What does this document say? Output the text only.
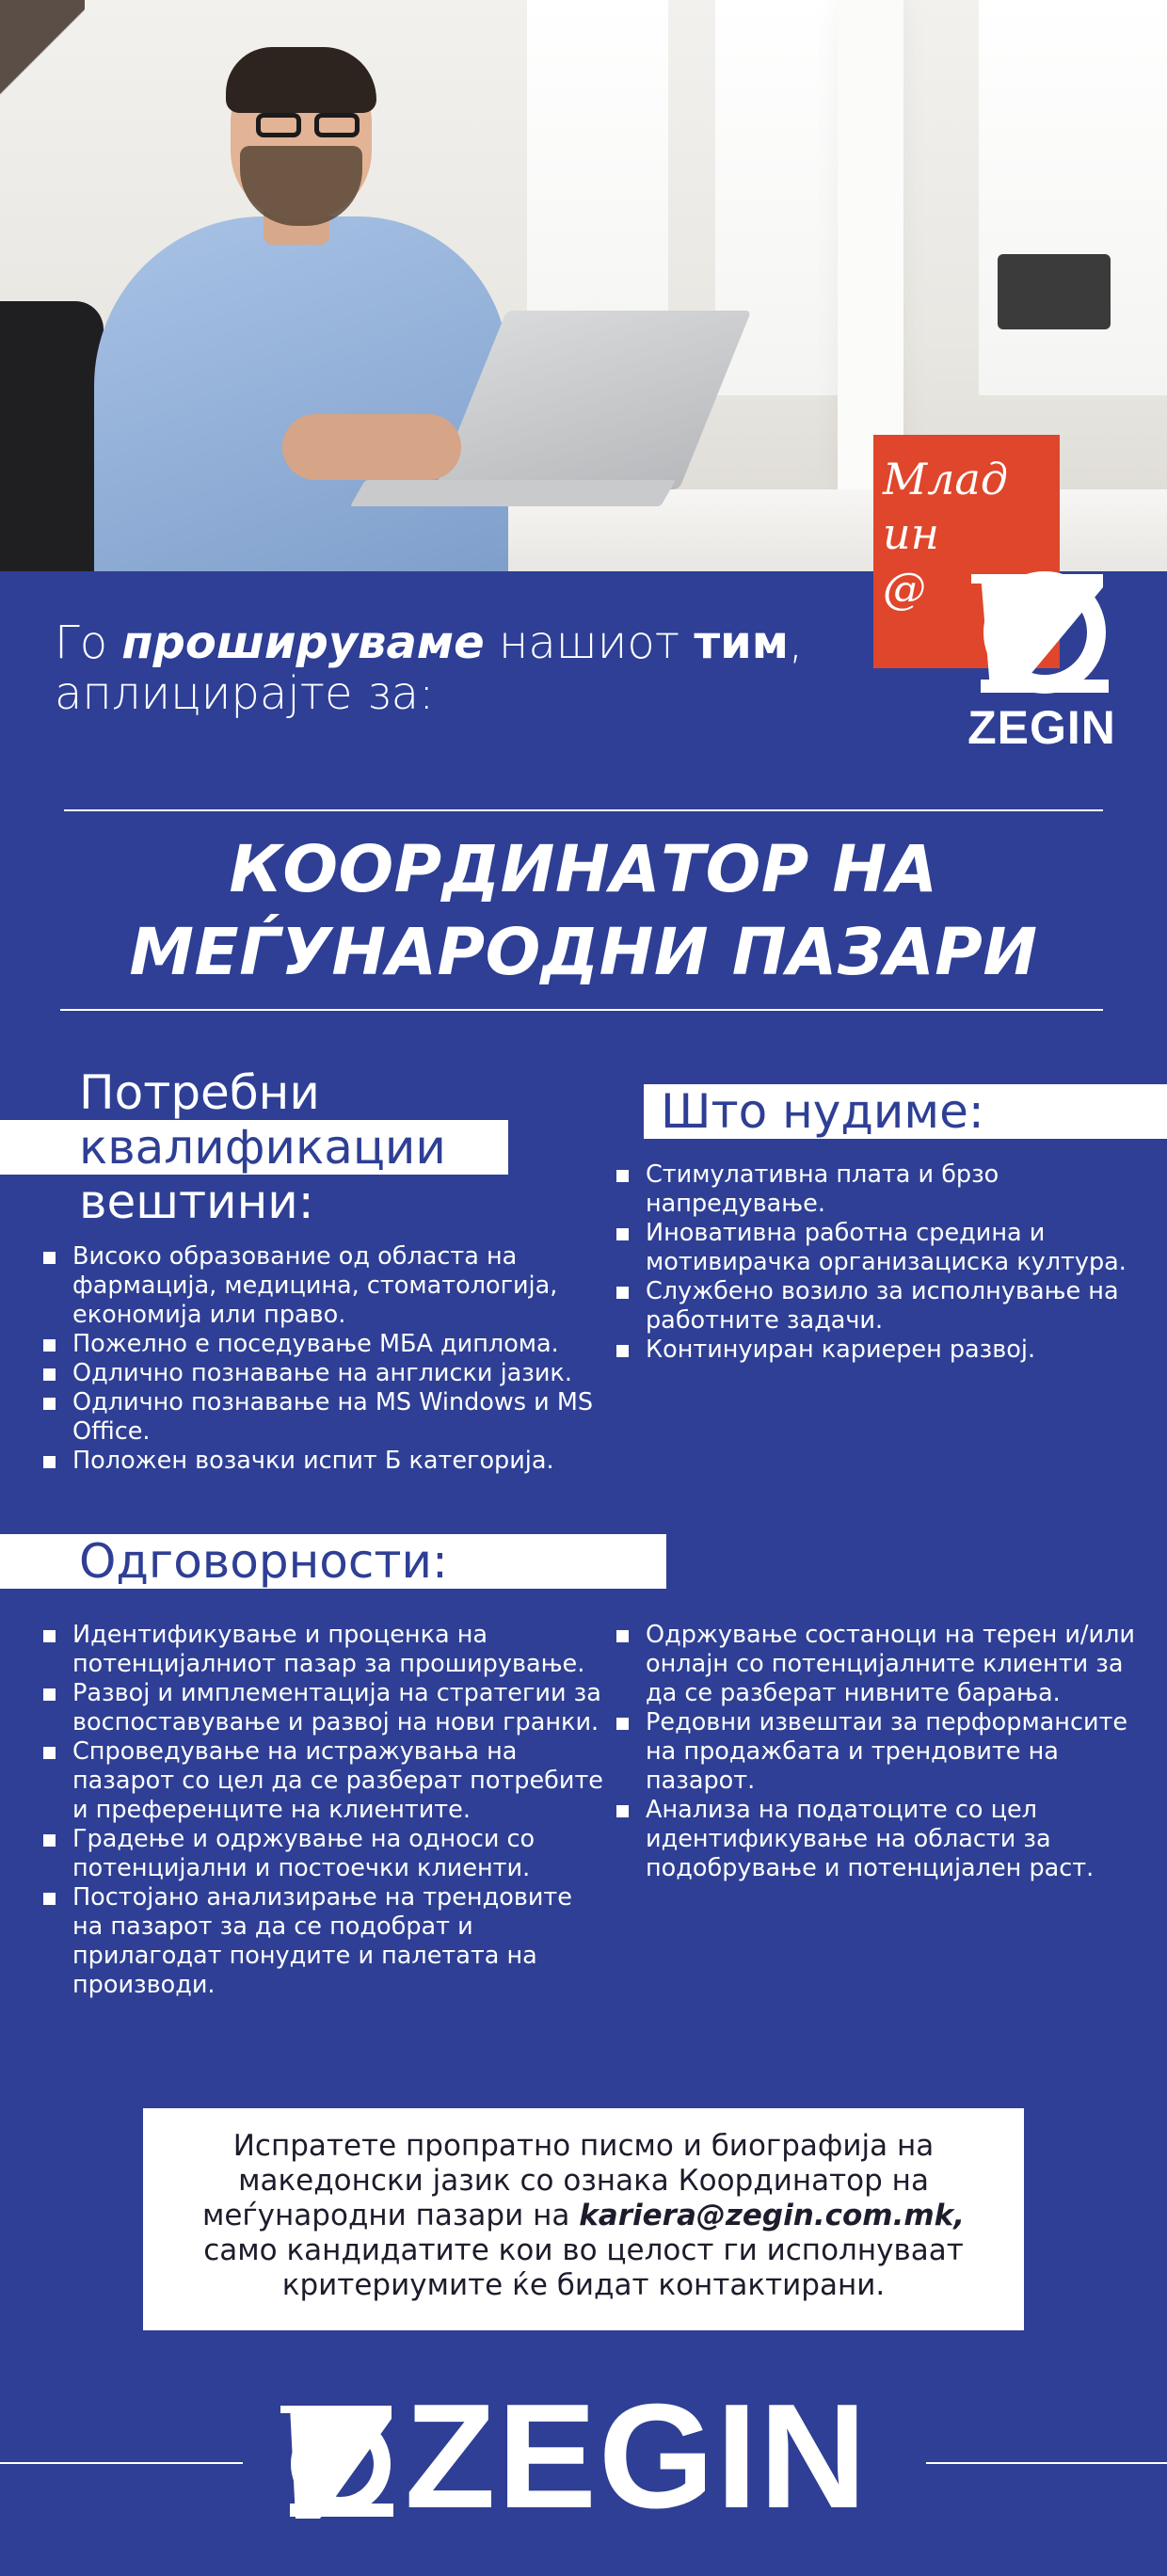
Млад
ин
@
ZEGIN
Го проширувaме нашиот тим,
аплицирајте за:
КООРДИНАТОР НА
МЕЃУНАРОДНИ ПАЗАРИ
Потребни
квалификации и
вештини:
Високо образование од областа на фармација, медицина, стоматологија, економија или право.
Пожелно е поседување МБА диплома.
Одлично познавање на англиски јазик.
Одлично познавање на MS Windows и MS Office.
Положен возачки испит Б категорија.
Што нудиме:
Стимулативна плата и брзо напредување.
Иновативна работна средина и мотивирачка организациска култура.
Службено возило за исполнување на работните задачи.
Континуиран кариерен развој.
Одговорности:
Идентификување и проценка на потенцијалниот пазар за проширување.
Развој и имплементација на стратегии за воспоставување и развој на нови гранки.
Спроведување на истражувања на пазарот со цел да се разберат потребите и преференците на клиентите.
Градење и одржување на односи со потенцијални и постоечки клиенти.
Постојано анализирање на трендовите на пазарот за да се подобрат и прилагодат понудите и палетата на производи.
Одржување состаноци на терен и/или онлајн со потенцијалните клиенти за да се разберат нивните барања.
Редовни извештаи за перформансите на продажбата и трендовите на пазарот.
Анализа на податоците со цел идентификување на области за подобрување и потенцијален раст.
Испратете пропратно писмо и биографија на
македонски јазик со ознака Координатор на
меѓународни пазари на kariera@zegin.com.mk,
само кандидатите кои во целост ги исполнуваат
критериумите ќе бидат контактирани.
ZEGIN
